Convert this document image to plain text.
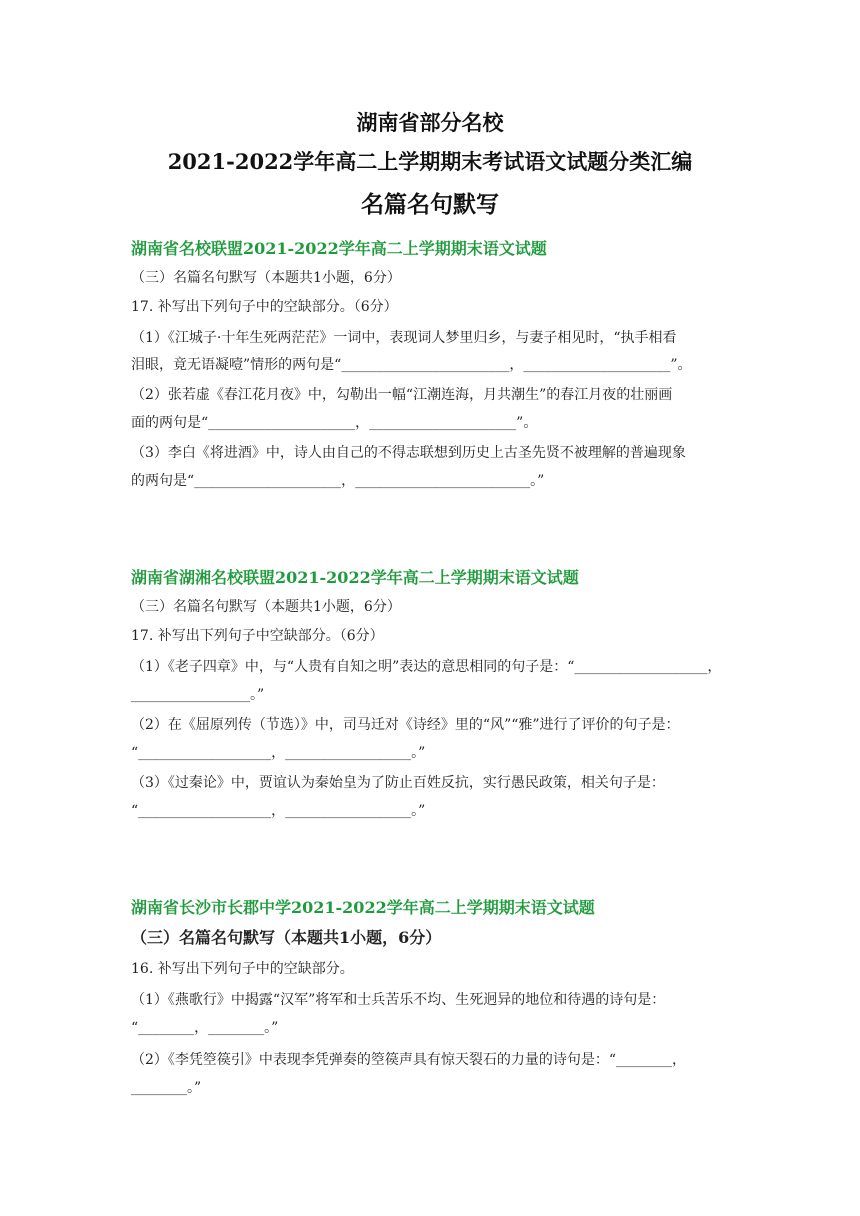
湖南省部分名校
2021-2022学年高二上学期期末考试语文试题分类汇编
名篇名句默写
湖南省名校联盟2021-2022学年高二上学期期末语文试题
（三）名篇名句默写（本题共1小题，6分）
17. 补写出下列句子中的空缺部分。（6分）
（1）《江城子·十年生死两茫茫》一词中，表现词人梦里归乡，与妻子相见时，“执手相看
泪眼，竟无语凝噎”情形的两句是“________________________，_____________________”。
（2）张若虚《春江花月夜》中，勾勒出一幅“江潮连海，月共潮生”的春江月夜的壮丽画
面的两句是“_____________________，_____________________”。
（3）李白《将进酒》中，诗人由自己的不得志联想到历史上古圣先贤不被理解的普遍现象
的两句是“_____________________，_________________________。”
湖南省湖湘名校联盟2021-2022学年高二上学期期末语文试题
（三）名篇名句默写（本题共1小题，6分）
17. 补写出下列句子中空缺部分。（6分）
（1）《老子四章》中，与“人贵有自知之明”表达的意思相同的句子是：“___________________，
_________________。”
（2）在《屈原列传（节选）》中，司马迁对《诗经》里的“风”“雅”进行了评价的句子是：
“___________________，__________________。”
（3）《过秦论》中，贾谊认为秦始皇为了防止百姓反抗，实行愚民政策，相关句子是：
“___________________，__________________。”
湖南省长沙市长郡中学2021-2022学年高二上学期期末语文试题
（三）名篇名句默写（本题共1小题，6分）
16. 补写出下列句子中的空缺部分。
（1）《燕歌行》中揭露“汉军”将军和士兵苦乐不均、生死迥异的地位和待遇的诗句是：
“________，________。”
（2）《李凭箜篌引》中表现李凭弹奏的箜篌声具有惊天裂石的力量的诗句是：“________，
________。”
